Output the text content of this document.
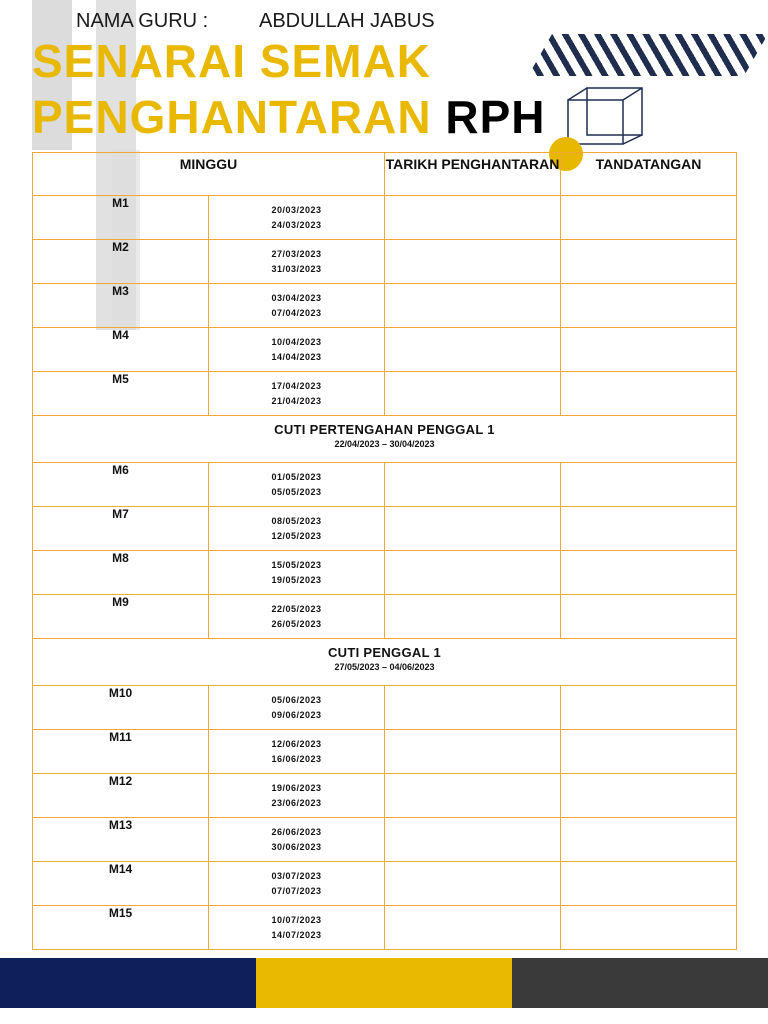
NAMA GURU :	ABDULLAH JABUS
SENARAI SEMAK
PENGHANTARAN RPH
MINGGU		TARIKH PENGHANTARAN	TANDATANGAN
M1	20/03/2023
24/03/2023		

M2	27/03/2023
31/03/2023		

M3	03/04/2023
07/04/2023		

M4	10/04/2023
14/04/2023		

M5	17/04/2023
21/04/2023		

CUTI PERTENGAHAN PENGGAL 1
22/04/2023 – 30/04/2023			

M6	01/05/2023
05/05/2023		

M7	08/05/2023
12/05/2023		

M8	15/05/2023
19/05/2023		

M9	22/05/2023
26/05/2023		

CUTI PENGGAL 1
27/05/2023 – 04/06/2023			

M10	05/06/2023
09/06/2023		

M11	12/06/2023
16/06/2023		

M12	19/06/2023
23/06/2023		

M13	26/06/2023
30/06/2023		

M14	03/07/2023
07/07/2023		

M15	10/07/2023
14/07/2023		
